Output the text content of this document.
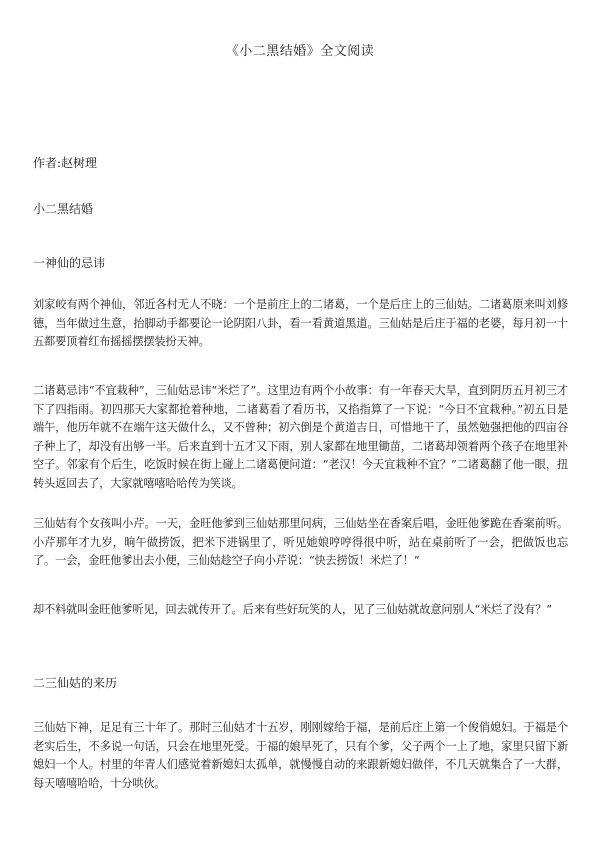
《小二黑结婚》全文阅读
作者:赵树理
小二黑结婚
一神仙的忌讳
刘家峧有两个神仙，邻近各村无人不晓：一个是前庄上的二诸葛，一个是后庄上的三仙姑。二诸葛原来叫刘修德，当年做过生意，抬脚动手都要论一论阴阳八卦，看一看黄道黑道。三仙姑是后庄于福的老婆，每月初一十五都要顶着红布摇摇摆摆装扮天神。
二诸葛忌讳“不宜栽种”，三仙姑忌讳“米烂了”。这里边有两个小故事：有一年春天大旱，直到阴历五月初三才下了四指雨。初四那天大家都抢着种地，二诸葛看了看历书，又掐指算了一下说：“今日不宜栽种。”初五日是端午，他历年就不在端午这天做什么，又不曾种；初六倒是个黄道吉日，可惜地干了，虽然勉强把他的四亩谷子种上了，却没有出够一半。后来直到十五才又下雨，别人家都在地里锄苗，二诸葛却领着两个孩子在地里补空子。邻家有个后生，吃饭时候在街上碰上二诸葛便问道：“老汉！今天宜栽种不宜？”二诸葛翻了他一眼，扭转头返回去了，大家就嘻嘻哈哈传为笑谈。
三仙姑有个女孩叫小芹。一天，金旺他爹到三仙姑那里问病，三仙姑坐在香案后唱，金旺他爹跪在香案前听。小芹那年才九岁，晌午做捞饭，把米下进锅里了，听见她娘哼哼得很中听，站在桌前听了一会，把做饭也忘了。一会，金旺他爹出去小便，三仙姑趁空子向小芹说：“快去捞饭！米烂了！”
却不料就叫金旺他爹听见，回去就传开了。后来有些好玩笑的人，见了三仙姑就故意问别人“米烂了没有？”
二三仙姑的来历
三仙姑下神，足足有三十年了。那时三仙姑才十五岁，刚刚嫁给于福，是前后庄上第一个俊俏媳妇。于福是个老实后生，不多说一句话，只会在地里死受。于福的娘早死了，只有个爹，父子两个一上了地，家里只留下新媳妇一个人。村里的年青人们感觉着新媳妇太孤单，就慢慢自动的来跟新媳妇做伴，不几天就集合了一大群，每天嘻嘻哈哈，十分哄伙。
